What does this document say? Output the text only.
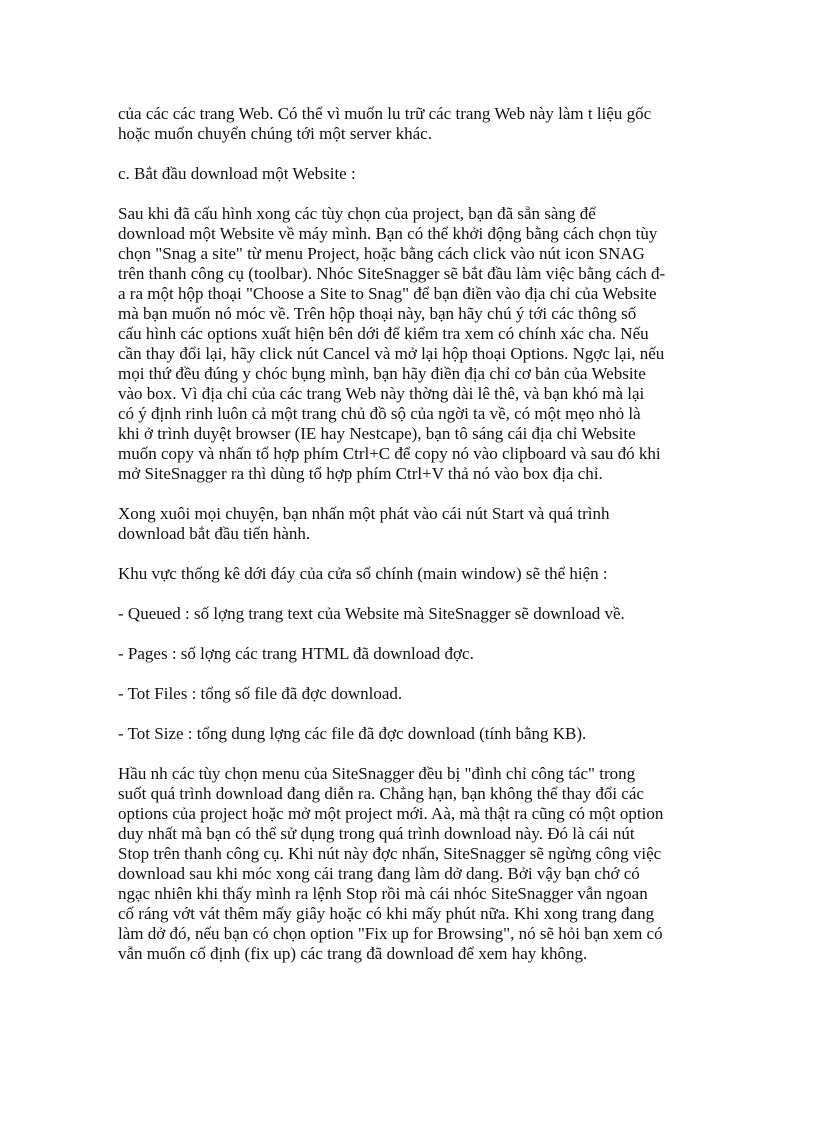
của các các trang Web. Có thể vì muốn lu trữ các trang Web này làm t liệu gốc
hoặc muốn chuyển chúng tới một server khác.

c. Bắt đầu download một Website :

Sau khi đã cấu hình xong các tùy chọn của project, bạn đã sẵn sàng để
download một Website về máy mình. Bạn có thể khởi động bằng cách chọn tùy
chọn "Snag a site" từ menu Project, hoặc bằng cách click vào nút icon SNAG
trên thanh công cụ (toolbar). Nhóc SiteSnagger sẽ bắt đầu làm việc bằng cách đ-
a ra một hộp thoại "Choose a Site to Snag" để bạn điền vào địa chỉ của Website
mà bạn muốn nó móc về. Trên hộp thoại này, bạn hãy chú ý tới các thông số
cấu hình các options xuất hiện bên dới để kiểm tra xem có chính xác cha. Nếu
cần thay đổi lại, hãy click nút Cancel và mở lại hộp thoại Options. Ngợc lại, nếu
mọi thứ đều đúng y chóc bụng mình, bạn hãy điền địa chỉ cơ bản của Website
vào box. Vì địa chỉ của các trang Web này thờng dài lê thê, và bạn khó mà lại
có ý định rinh luôn cả một trang chủ đồ sộ của ngời ta về, có một mẹo nhỏ là
khi ở trình duyệt browser (IE hay Nestcape), bạn tô sáng cái địa chỉ Website
muốn copy và nhấn tổ hợp phím Ctrl+C để copy nó vào clipboard và sau đó khi
mở SiteSnagger ra thì dùng tổ hợp phím Ctrl+V thả nó vào box địa chỉ.

Xong xuôi mọi chuyện, bạn nhấn một phát vào cái nút Start và quá trình
download bắt đầu tiến hành.

Khu vực thống kê dới đáy của cửa sổ chính (main window) sẽ thể hiện :

- Queued : số lợng trang text của Website mà SiteSnagger sẽ download về.

- Pages : số lợng các trang HTML đã download đợc.

- Tot Files : tổng số file đã đợc download.

- Tot Size : tổng dung lợng các file đã đợc download (tính bằng KB).

Hầu nh các tùy chọn menu của SiteSnagger đều bị "đình chỉ công tác" trong
suốt quá trình download đang diễn ra. Chẳng hạn, bạn không thể thay đổi các
options của project hoặc mở một project mới. Aà, mà thật ra cũng có một option
duy nhất mà bạn có thể sử dụng trong quá trình download này. Đó là cái nút
Stop trên thanh công cụ. Khi nút này đợc nhấn, SiteSnagger sẽ ngừng công việc
download sau khi móc xong cái trang đang làm dở dang. Bởi vậy bạn chớ có
ngạc nhiên khi thấy mình ra lệnh Stop rồi mà cái nhóc SiteSnagger vẫn ngoan
cố ráng vớt vát thêm mấy giây hoặc có khi mấy phút nữa. Khi xong trang đang
làm dở đó, nếu bạn có chọn option "Fix up for Browsing", nó sẽ hỏi bạn xem có
vẫn muốn cố định (fix up) các trang đã download để xem hay không.
